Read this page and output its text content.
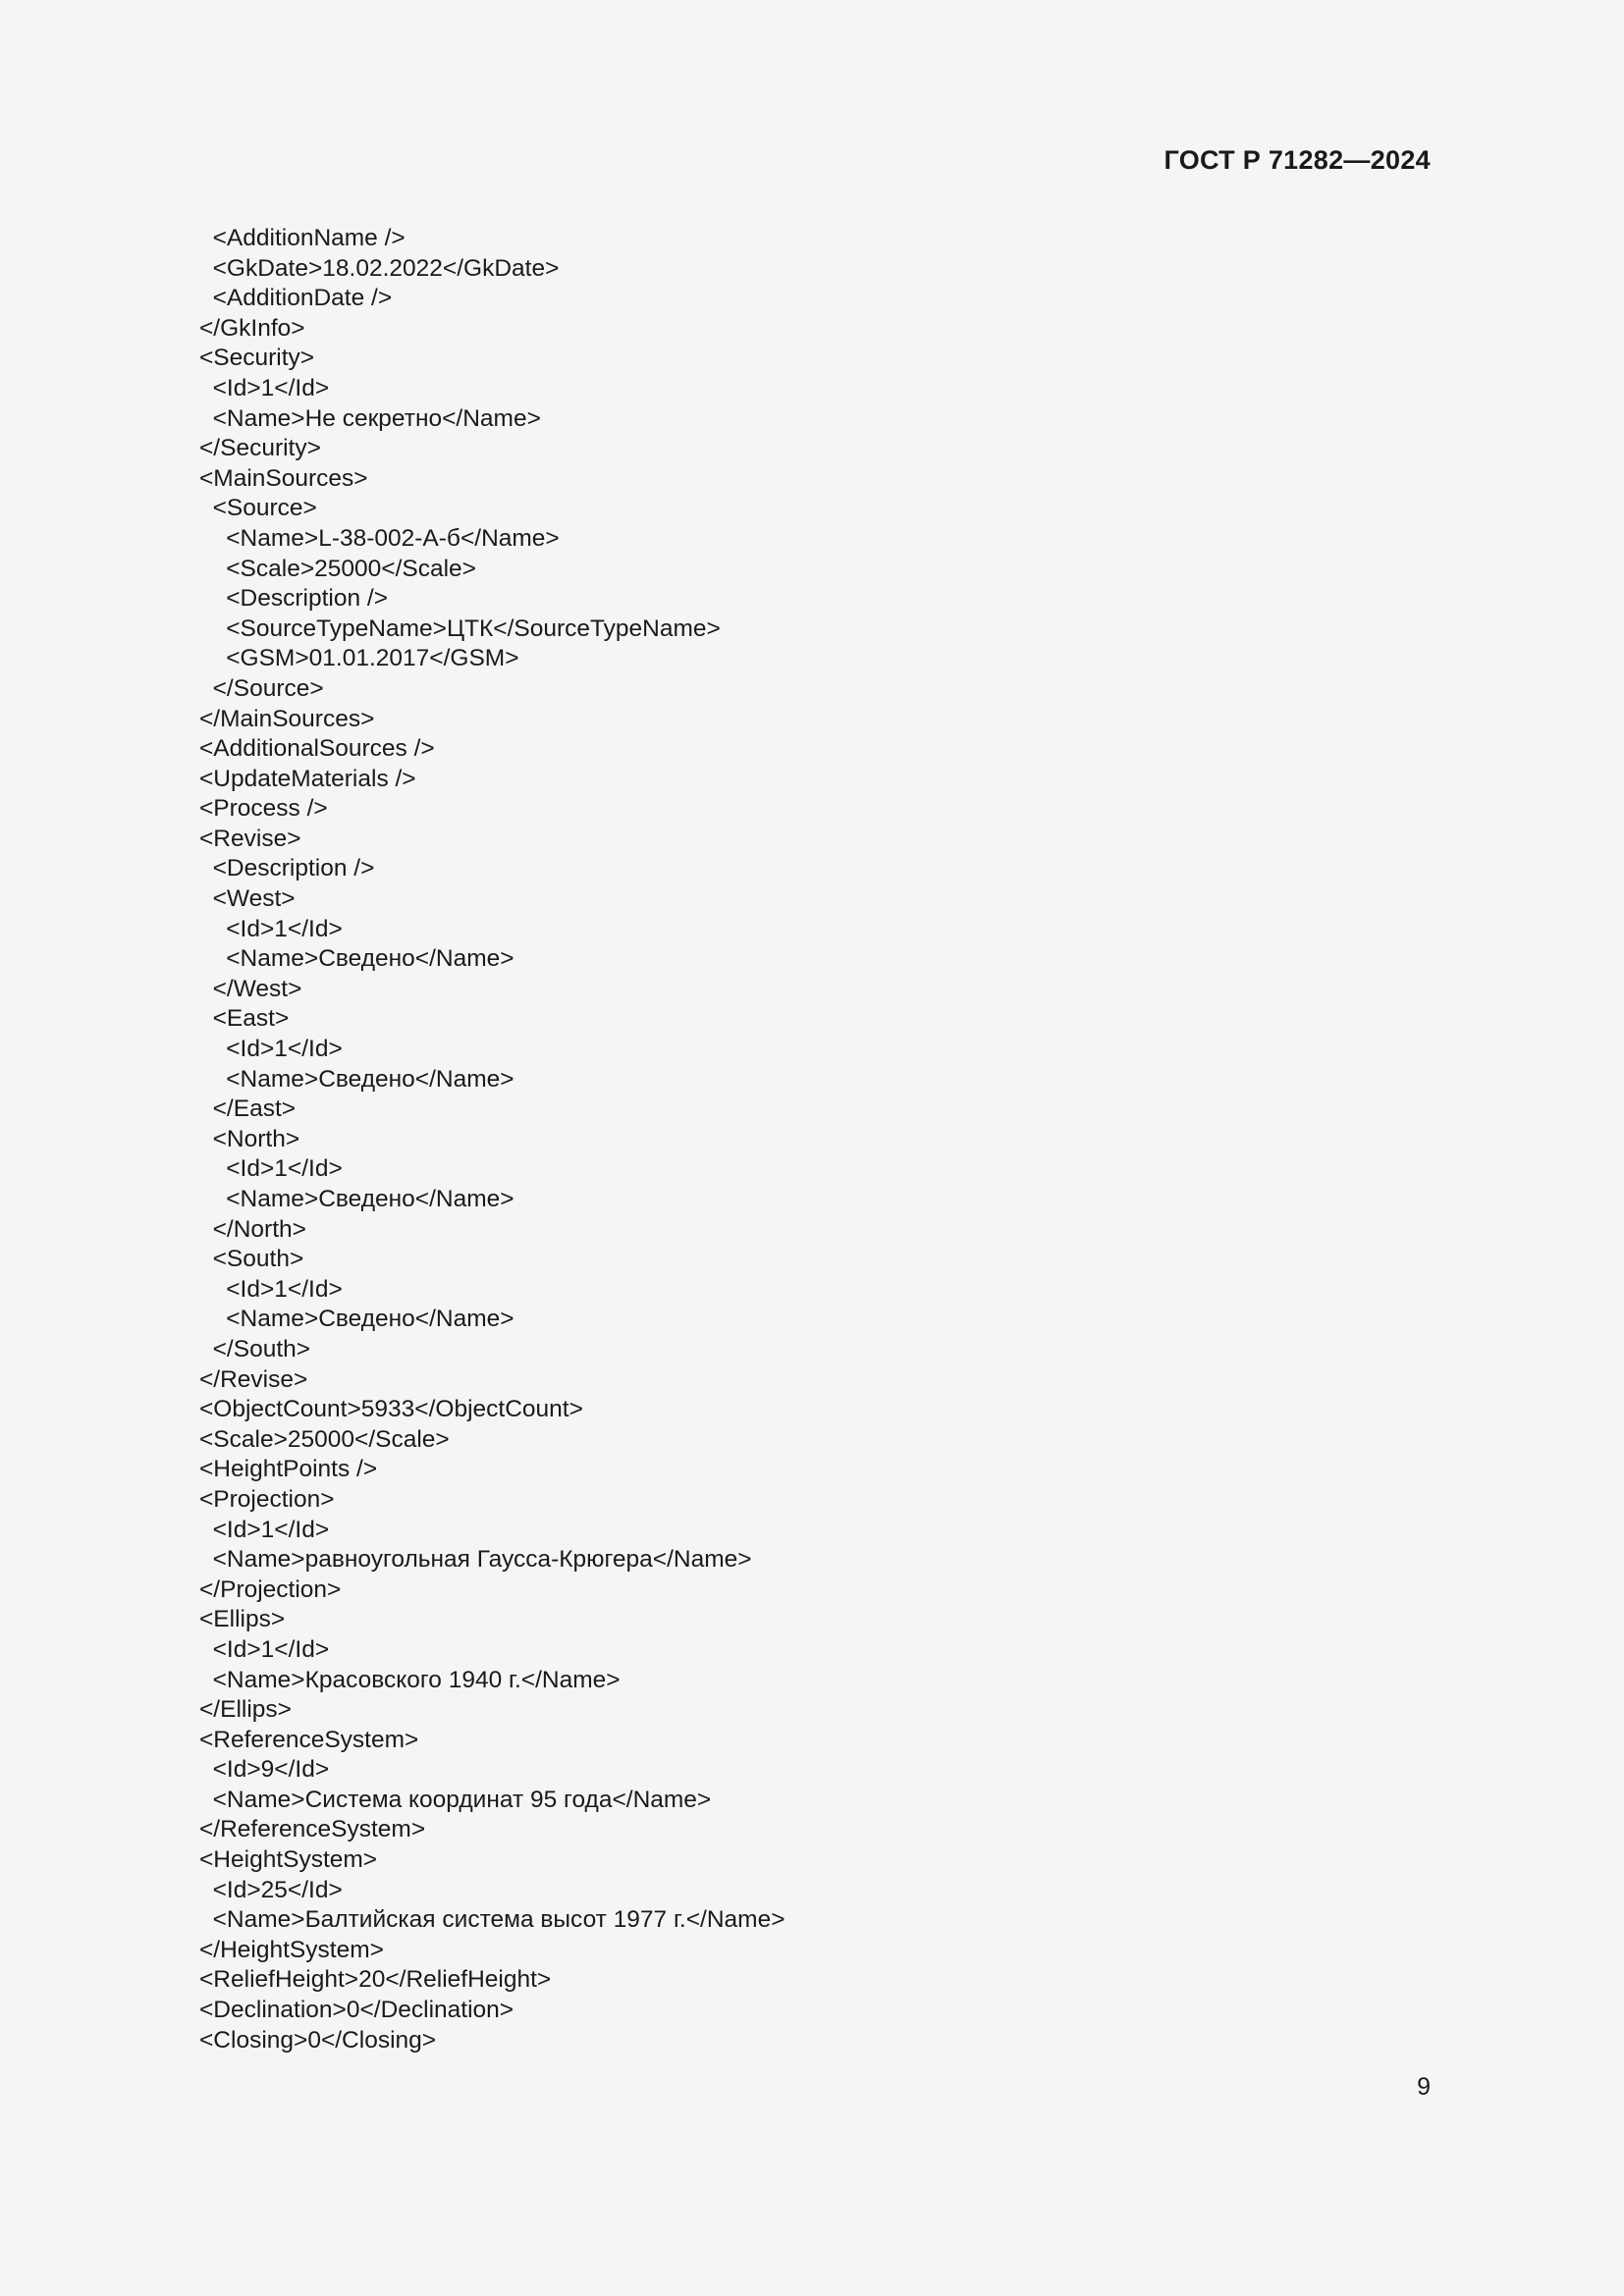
ГОСТ Р 71282—2024
<AdditionName />
<GkDate>18.02.2022</GkDate>
<AdditionDate />
</GkInfo>
<Security>
<Id>1</Id>
<Name>Не секретно</Name>
</Security>
<MainSources>
<Source>
<Name>L-38-002-А-б</Name>
<Scale>25000</Scale>
<Description />
<SourceTypeName>ЦТК</SourceTypeName>
<GSM>01.01.2017</GSM>
</Source>
</MainSources>
<AdditionalSources />
<UpdateMaterials />
<Process />
<Revise>
<Description />
<West>
<Id>1</Id>
<Name>Сведено</Name>
</West>
<East>
<Id>1</Id>
<Name>Сведено</Name>
</East>
<North>
<Id>1</Id>
<Name>Сведено</Name>
</North>
<South>
<Id>1</Id>
<Name>Сведено</Name>
</South>
</Revise>
<ObjectCount>5933</ObjectCount>
<Scale>25000</Scale>
<HeightPoints />
<Projection>
<Id>1</Id>
<Name>равноугольная Гаусса-Крюгера</Name>
</Projection>
<Ellips>
<Id>1</Id>
<Name>Красовского 1940 г.</Name>
</Ellips>
<ReferenceSystem>
<Id>9</Id>
<Name>Система координат 95 года</Name>
</ReferenceSystem>
<HeightSystem>
<Id>25</Id>
<Name>Балтийская система высот 1977 г.</Name>
</HeightSystem>
<ReliefHeight>20</ReliefHeight>
<Declination>0</Declination>
<Closing>0</Closing>
9
